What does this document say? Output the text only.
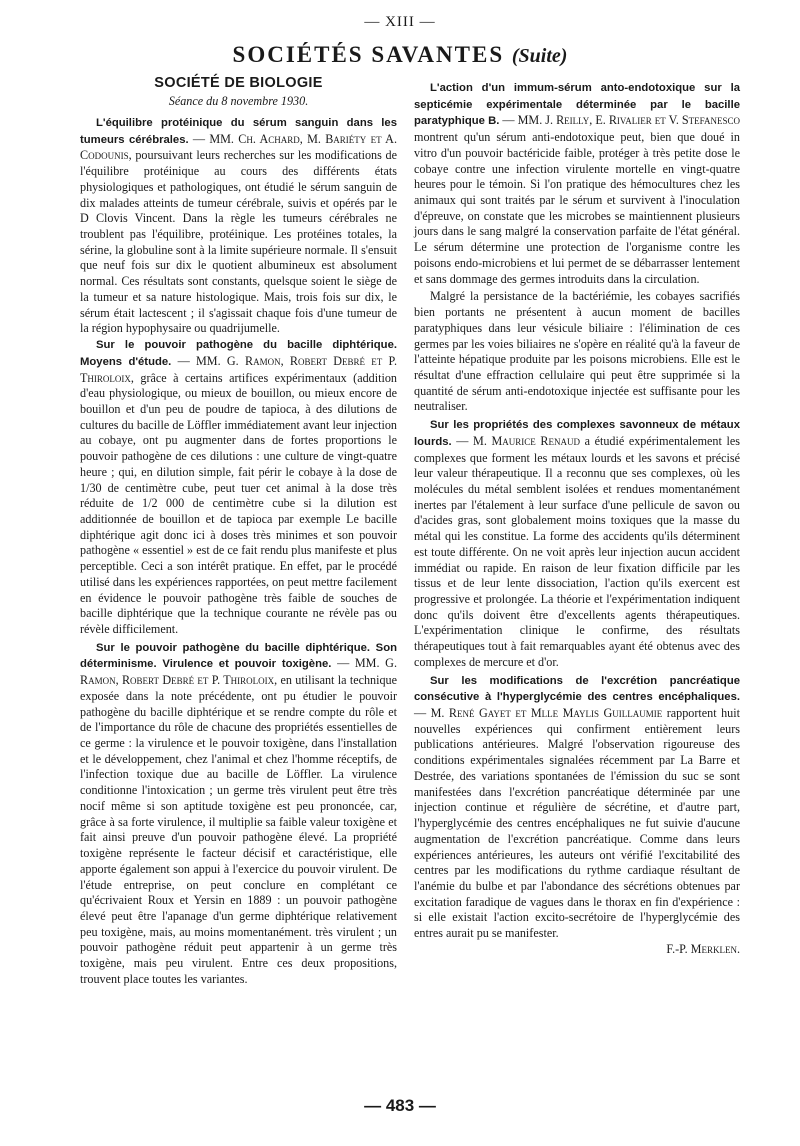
— XIII —
SOCIÉTÉS SAVANTES (Suite)
SOCIÉTÉ DE BIOLOGIE
Séance du 8 novembre 1930.

L'équilibre protéinique du sérum sanguin dans les tumeurs cérébrales. — MM. Ch. Achard, M. Bariéty et A. Codounis, poursuivant leurs recherches sur les modifications de l'équilibre protéinique au cours des différents états physiologiques et pathologiques, ont étudié le sérum sanguin de dix malades atteints de tumeur cérébrale, suivis et opérés par le D Clovis Vincent. Dans la règle les tumeurs cérébrales ne troublent pas l'équilibre, protéinique. Les protéines totales, la sérine, la globuline sont à la limite supérieure normale. Il s'ensuit que neuf fois sur dix le quotient albumineux est absolument normal. Ces résultats sont constants, quelsque soient le siège de la tumeur et sa nature histologique. Mais, trois fois sur dix, le sérum était lactescent ; il s'agissait chaque fois d'une tumeur de la région hypophysaire ou quadrijumelle.

Sur le pouvoir pathogène du bacille diphtérique. Moyens d'étude. — MM. G. Ramon, Robert Debré et P. Thiroloix, grâce à certains artifices expérimentaux (addition d'eau physiologique, ou mieux de bouillon, ou mieux encore de bouillon et d'un peu de poudre de tapioca, à des dilutions de cultures du bacille de Löffler immédiatement avant leur injection au cobaye, ont pu augmenter dans de fortes proportions le pouvoir pathogène de ces dilutions : une culture de vingt-quatre heure ; qui, en dilution simple, fait périr le cobaye à la dose de 1/30 de centimètre cube, peut tuer cet animal à la dose très réduite de 1/2 000 de centimètre cube si la dilution est additionnée de bouillon et de tapioca par exemple Le bacille diphtérique agit donc ici à doses très minimes et son pouvoir pathogène « essentiel » est de ce fait rendu plus manifeste et plus perceptible. Ceci a son intérêt pratique. En effet, par le procédé utilisé dans les expériences rapportées, on peut mettre facilement en évidence le pouvoir pathogène très faible de souches de bacille diphtérique que la technique courante ne révèle pas ou révèle difficilement.

Sur le pouvoir pathogène du bacille diphtérique. Son déterminisme. Virulence et pouvoir toxigène. — MM. G. Ramon, Robert Debré et P. Thiroloix, en utilisant la technique exposée dans la note précédente, ont pu étudier le pouvoir pathogène du bacille diphtérique et se rendre compte du rôle et de l'importance du rôle de chacune des propriétés essentielles de ce germe : la virulence et le pouvoir toxigène, dans l'installation et le développement, chez l'animal et chez l'homme réceptifs, de l'infection toxique due au bacille de Löffler. La virulence conditionne l'intoxication ; un germe très virulent peut être très nocif même si son aptitude toxigène est peu prononcée, car, grâce à sa forte virulence, il multiplie sa faible valeur toxigène et fait ainsi preuve d'un pouvoir pathogène élevé. La propriété toxigène représente le facteur décisif et caractéristique, elle apporte également son appui à l'exercice du pouvoir virulent. De l'étude entreprise, on peut conclure en complétant ce qu'écrivaient Roux et Yersin en 1889 : un pouvoir pathogène élevé peut être l'apanage d'un germe diphtérique relativement peu toxigène, mais, au moins momentanément. très virulent ; un pouvoir pathogène réduit peut appartenir à un germe très toxigène, mais peu virulent. Entre ces deux propositions, trouvent place toutes les variantes.

L'action d'un immum-sérum anto-endotoxique sur la septicémie expérimentale déterminée par le bacille paratyphique B. — MM. J. Reilly, E. Rivalier et V. Stefanesco montrent qu'un sérum anti-endotoxique peut, bien que doué in vitro d'un pouvoir bactéricide faible, protéger à très petite dose le cobaye contre une infection virulente mortelle en vingt-quatre heures pour le témoin. Si l'on pratique des hémocultures chez les animaux qui sont traités par le sérum et survivent à l'inoculation d'épreuve, on constate que les microbes se maintiennent plusieurs jours dans le sang malgré la conservation parfaite de l'état général. Le sérum détermine une protection de l'organisme contre les poisons endo-microbiens et lui permet de se débarrasser lentement et sans dommage des germes introduits dans la circulation.

Malgré la persistance de la bactériémie, les cobayes sacrifiés bien portants ne présentent à aucun moment de bacilles paratyphiques dans leur vésicule biliaire : l'élimination de ces germes par les voies biliaires ne s'opère en réalité qu'à la faveur de l'atteinte hépatique produite par les poisons microbiens. Elle est le résultat d'une effraction cellulaire qui peut être supprimée si la quantité de sérum anti-endotoxique injectée est suffisante pour les neutraliser.

Sur les propriétés des complexes savonneux de métaux lourds. — M. Maurice Renaud a étudié expérimentalement les complexes que forment les métaux lourds et les savons et précisé leur valeur thérapeutique. Il a reconnu que ses complexes, où les molécules du métal semblent isolées et rendues momentanément inertes par l'étalement à leur surface d'une pellicule de savon ou d'acides gras, sont globalement moins toxiques que la masse du métal qui les constitue. La forme des accidents qu'ils déterminent est toute différente. On ne voit après leur injection aucun accident immédiat ou rapide. En raison de leur fixation difficile par les tissus et de leur lente dissociation, l'action qu'ils exercent est progressive et prolongée. La théorie et l'expérimentation indiquent donc qu'ils doivent être d'excellents agents thérapeutiques. L'expérimentation clinique le confirme, des résultats thérapeutiques tout à fait remarquables ayant été obtenus avec des complexes de mercure et d'or.

Sur les modifications de l'excrétion pancréatique consécutive à l'hyperglycémie des centres encéphaliques. — M. René Gayet et Mlle Maylis Guillaumie rapportent huit nouvelles expériences qui confirment entièrement leurs publications antérieures. Malgré l'observation rigoureuse des conditions expérimentales signalées récemment par La Barre et Destrée, des variations spontanées de l'émission du suc se sont manifestées dans l'excrétion pancréatique déterminée par une injection continue et régulière de sécrétine, et d'autre part, l'hyperglycémie des centres encéphaliques ne fut suivie d'aucune augmentation de l'excrétion pancréatique. Comme dans leurs expériences antérieures, les auteurs ont vérifié l'excitabilité des centres par les modifications du rythme cardiaque résultant de l'anémie du bulbe et par l'abondance des sécrétions obtenues par excitation faradique de vagues dans le thorax en fin d'expérience : si elle existait l'action excito-secrétoire de l'hyperglycémie des entres aurait pu se manifester.

F.-P. Merklen.
— 483 —
